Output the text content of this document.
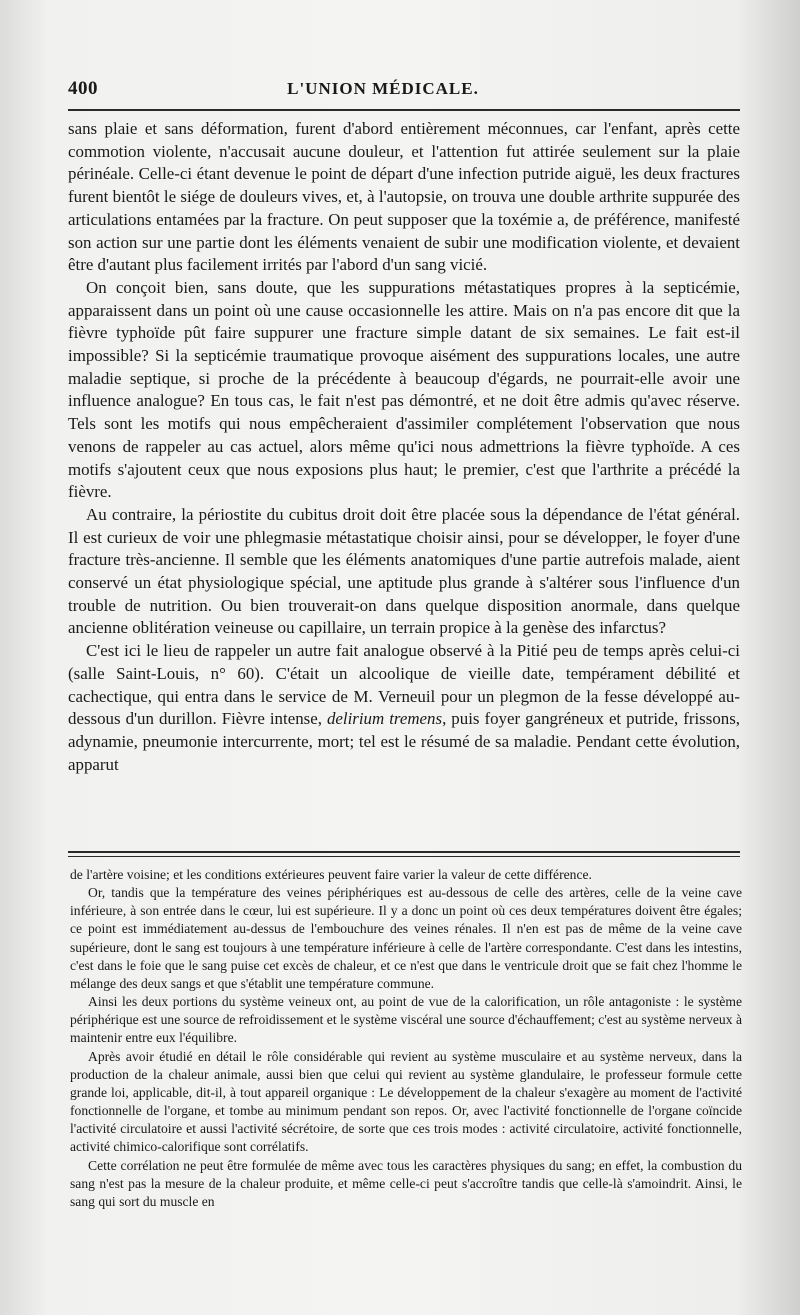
400	L'UNION MÉDICALE.

sans plaie et sans déformation, furent d'abord entièrement méconnues, car l'enfant, après cette commotion violente, n'accusait aucune douleur, et l'attention fut attirée seulement sur la plaie périnéale. Celle-ci étant devenue le point de départ d'une infection putride aiguë, les deux fractures furent bientôt le siége de douleurs vives, et, à l'autopsie, on trouva une double arthrite suppurée des articulations entamées par la fracture. On peut supposer que la toxémie a, de préférence, manifesté son action sur une partie dont les éléments venaient de subir une modification violente, et devaient être d'autant plus facilement irrités par l'abord d'un sang vicié.

On conçoit bien, sans doute, que les suppurations métastatiques propres à la septicémie, apparaissent dans un point où une cause occasionnelle les attire. Mais on n'a pas encore dit que la fièvre typhoïde pût faire suppurer une fracture simple datant de six semaines. Le fait est-il impossible? Si la septicémie traumatique provoque aisément des suppurations locales, une autre maladie septique, si proche de la précédente à beaucoup d'égards, ne pourrait-elle avoir une influence analogue? En tous cas, le fait n'est pas démontré, et ne doit être admis qu'avec réserve. Tels sont les motifs qui nous empêcheraient d'assimiler complétement l'observation que nous venons de rappeler au cas actuel, alors même qu'ici nous admettrions la fièvre typhoïde. A ces motifs s'ajoutent ceux que nous exposions plus haut; le premier, c'est que l'arthrite a précédé la fièvre.

Au contraire, la périostite du cubitus droit doit être placée sous la dépendance de l'état général. Il est curieux de voir une phlegmasie métastatique choisir ainsi, pour se développer, le foyer d'une fracture très-ancienne. Il semble que les éléments anatomiques d'une partie autrefois malade, aient conservé un état physiologique spécial, une aptitude plus grande à s'altérer sous l'influence d'un trouble de nutrition. Ou bien trouverait-on dans quelque disposition anormale, dans quelque ancienne oblitération veineuse ou capillaire, un terrain propice à la genèse des infarctus?

C'est ici le lieu de rappeler un autre fait analogue observé à la Pitié peu de temps après celui-ci (salle Saint-Louis, n° 60). C'était un alcoolique de vieille date, tempérament débilité et cachectique, qui entra dans le service de M. Verneuil pour un plegmon de la fesse développé au-dessous d'un durillon. Fièvre intense, delirium tremens, puis foyer gangréneux et putride, frissons, adynamie, pneumonie intercurrente, mort; tel est le résumé de sa maladie. Pendant cette évolution, apparut

de l'artère voisine; et les conditions extérieures peuvent faire varier la valeur de cette différence.

Or, tandis que la température des veines périphériques est au-dessous de celle des artères, celle de la veine cave inférieure, à son entrée dans le cœur, lui est supérieure. Il y a donc un point où ces deux températures doivent être égales; ce point est immédiatement au-dessus de l'embouchure des veines rénales. Il n'en est pas de même de la veine cave supérieure, dont le sang est toujours à une température inférieure à celle de l'artère correspondante. C'est dans les intestins, c'est dans le foie que le sang puise cet excès de chaleur, et ce n'est que dans le ventricule droit que se fait chez l'homme le mélange des deux sangs et que s'établit une température commune.

Ainsi les deux portions du système veineux ont, au point de vue de la calorification, un rôle antagoniste : le système périphérique est une source de refroidissement et le système viscéral une source d'échauffement; c'est au système nerveux à maintenir entre eux l'équilibre.

Après avoir étudié en détail le rôle considérable qui revient au système musculaire et au système nerveux, dans la production de la chaleur animale, aussi bien que celui qui revient au système glandulaire, le professeur formule cette grande loi, applicable, dit-il, à tout appareil organique : Le développement de la chaleur s'exagère au moment de l'activité fonctionnelle de l'organe, et tombe au minimum pendant son repos. Or, avec l'activité fonctionnelle de l'organe coïncide l'activité circulatoire et aussi l'activité sécrétoire, de sorte que ces trois modes : activité circulatoire, activité fonctionnelle, activité chimico-calorifique sont corrélatifs.

Cette corrélation ne peut être formulée de même avec tous les caractères physiques du sang; en effet, la combustion du sang n'est pas la mesure de la chaleur produite, et même celle-ci peut s'accroître tandis que celle-là s'amoindrit. Ainsi, le sang qui sort du muscle en
